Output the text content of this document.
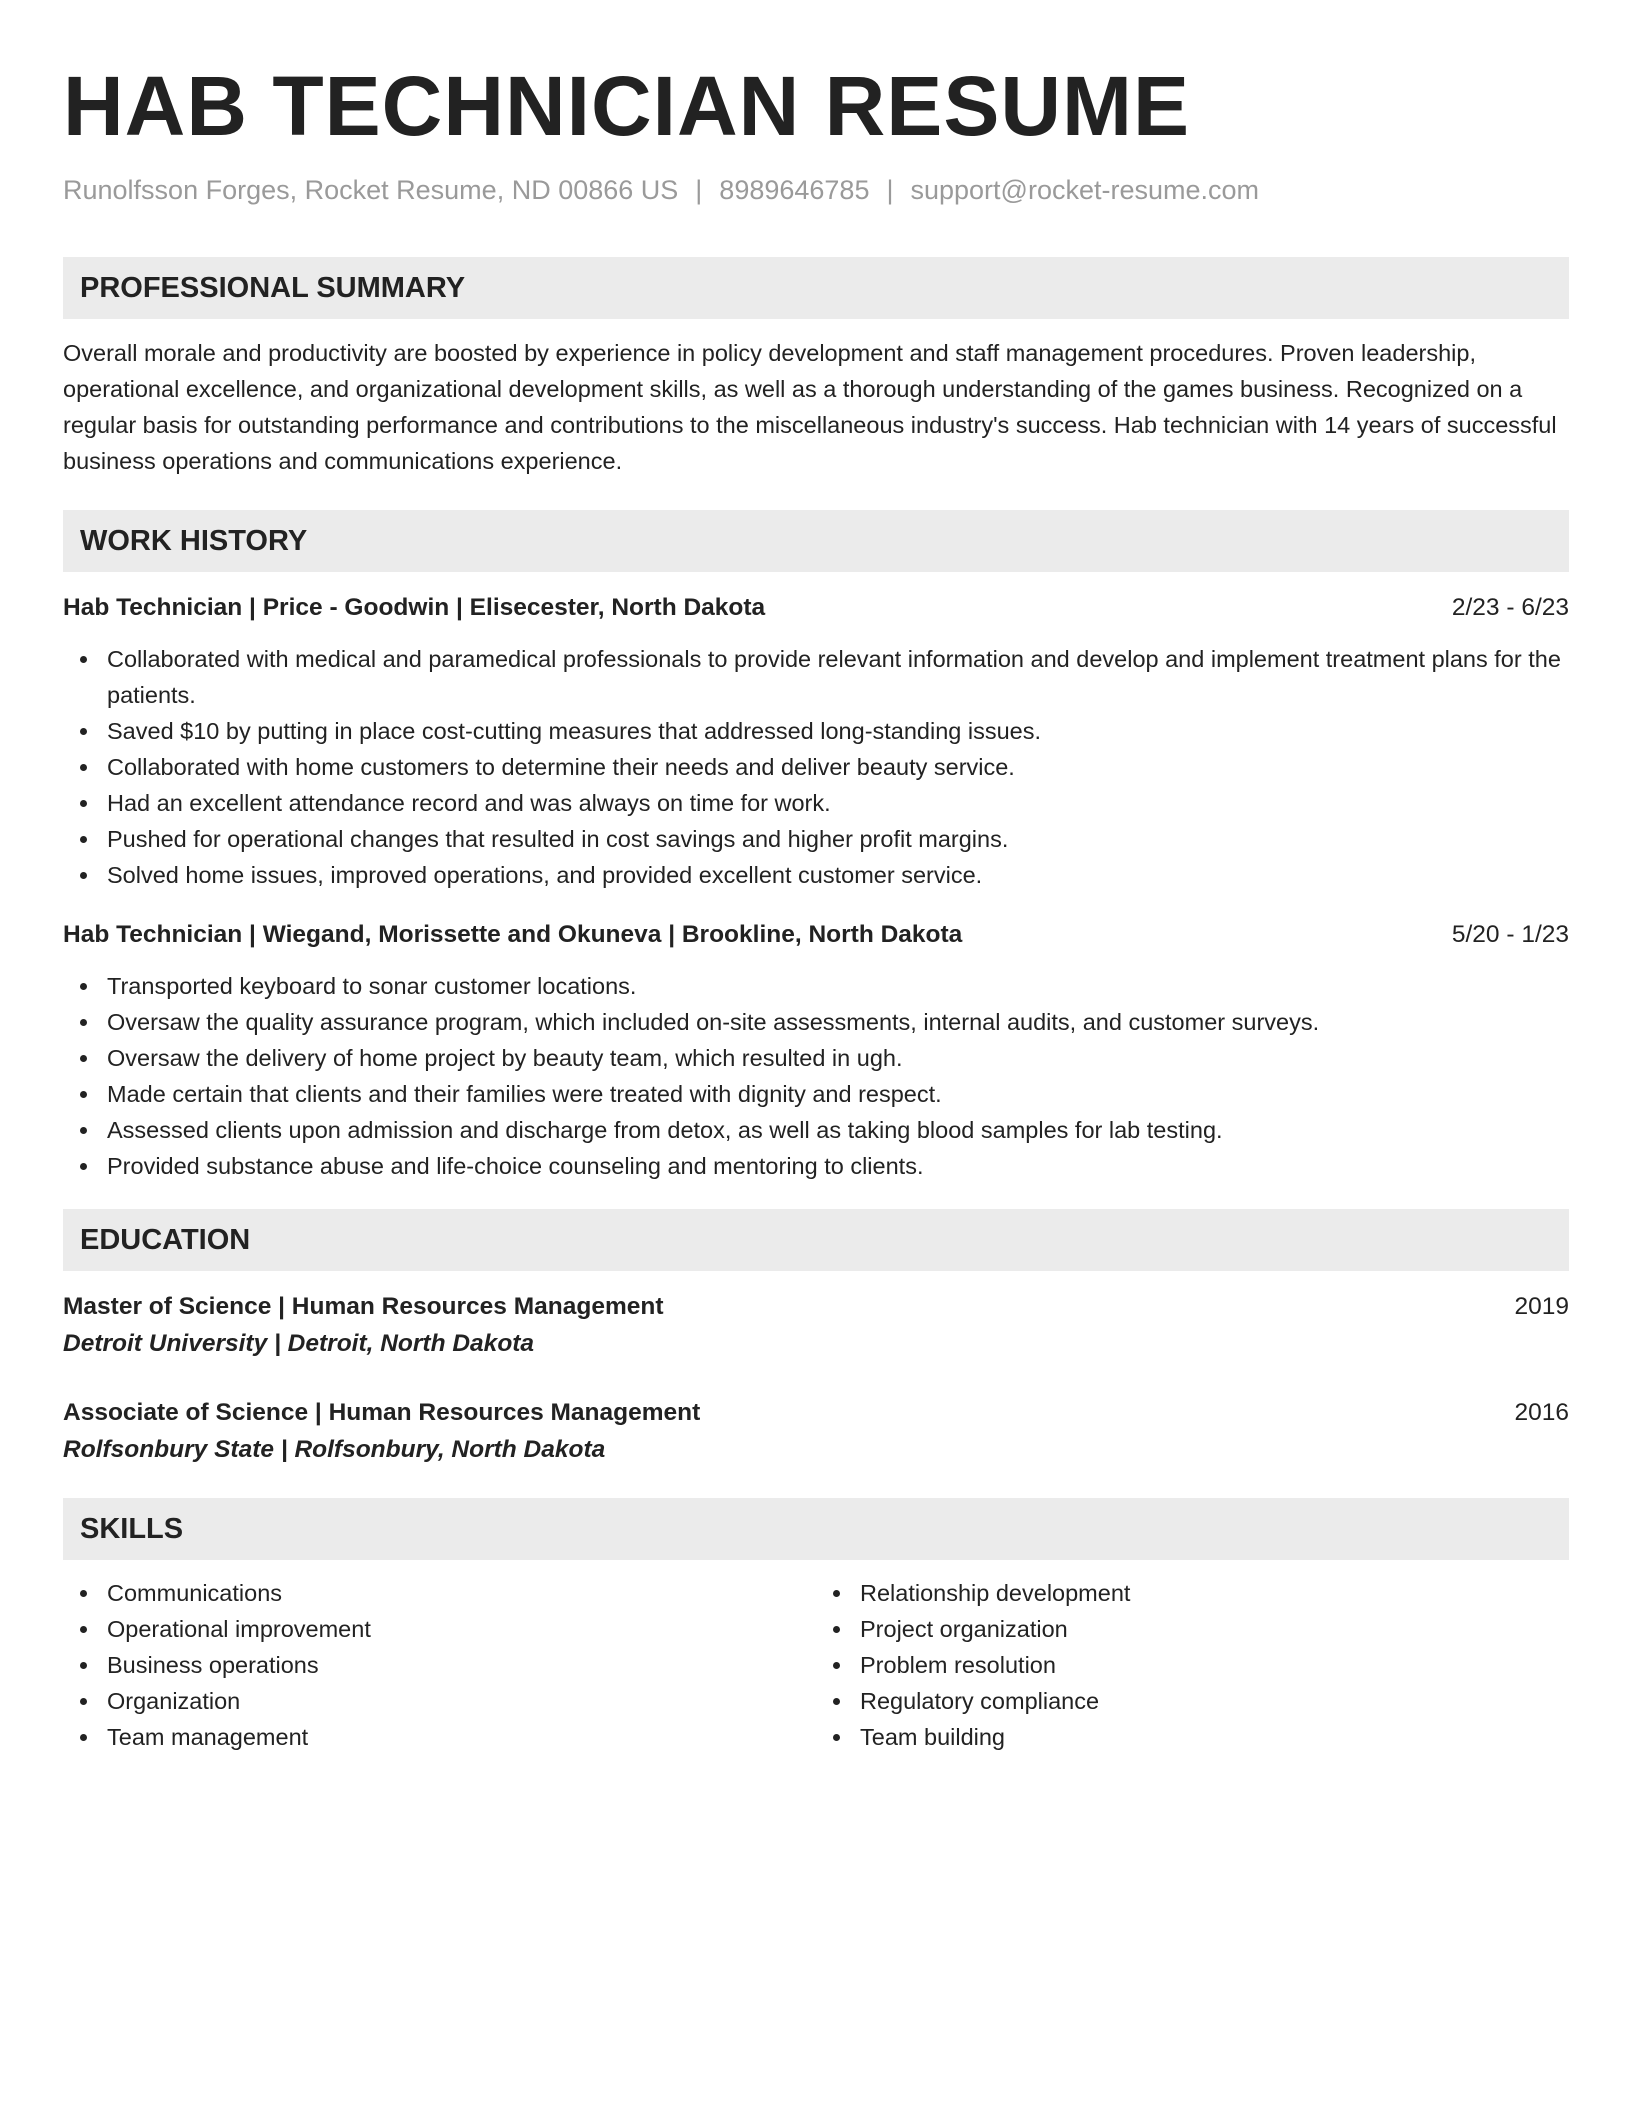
HAB TECHNICIAN RESUME
Runolfsson Forges, Rocket Resume, ND 00866 US | 8989646785 | support@rocket-resume.com
PROFESSIONAL SUMMARY
Overall morale and productivity are boosted by experience in policy development and staff management procedures. Proven leadership, operational excellence, and organizational development skills, as well as a thorough understanding of the games business. Recognized on a regular basis for outstanding performance and contributions to the miscellaneous industry's success. Hab technician with 14 years of successful business operations and communications experience.
WORK HISTORY
Hab Technician | Price - Goodwin | Elisecester, North Dakota	2/23 - 6/23
Collaborated with medical and paramedical professionals to provide relevant information and develop and implement treatment plans for the patients.
Saved $10 by putting in place cost-cutting measures that addressed long-standing issues.
Collaborated with home customers to determine their needs and deliver beauty service.
Had an excellent attendance record and was always on time for work.
Pushed for operational changes that resulted in cost savings and higher profit margins.
Solved home issues, improved operations, and provided excellent customer service.
Hab Technician | Wiegand, Morissette and Okuneva | Brookline, North Dakota	5/20 - 1/23
Transported keyboard to sonar customer locations.
Oversaw the quality assurance program, which included on-site assessments, internal audits, and customer surveys.
Oversaw the delivery of home project by beauty team, which resulted in ugh.
Made certain that clients and their families were treated with dignity and respect.
Assessed clients upon admission and discharge from detox, as well as taking blood samples for lab testing.
Provided substance abuse and life-choice counseling and mentoring to clients.
EDUCATION
Master of Science | Human Resources Management	2019
Detroit University | Detroit, North Dakota
Associate of Science | Human Resources Management	2016
Rolfsonbury State | Rolfsonbury, North Dakota
SKILLS
Communications
Operational improvement
Business operations
Organization
Team management
Relationship development
Project organization
Problem resolution
Regulatory compliance
Team building
